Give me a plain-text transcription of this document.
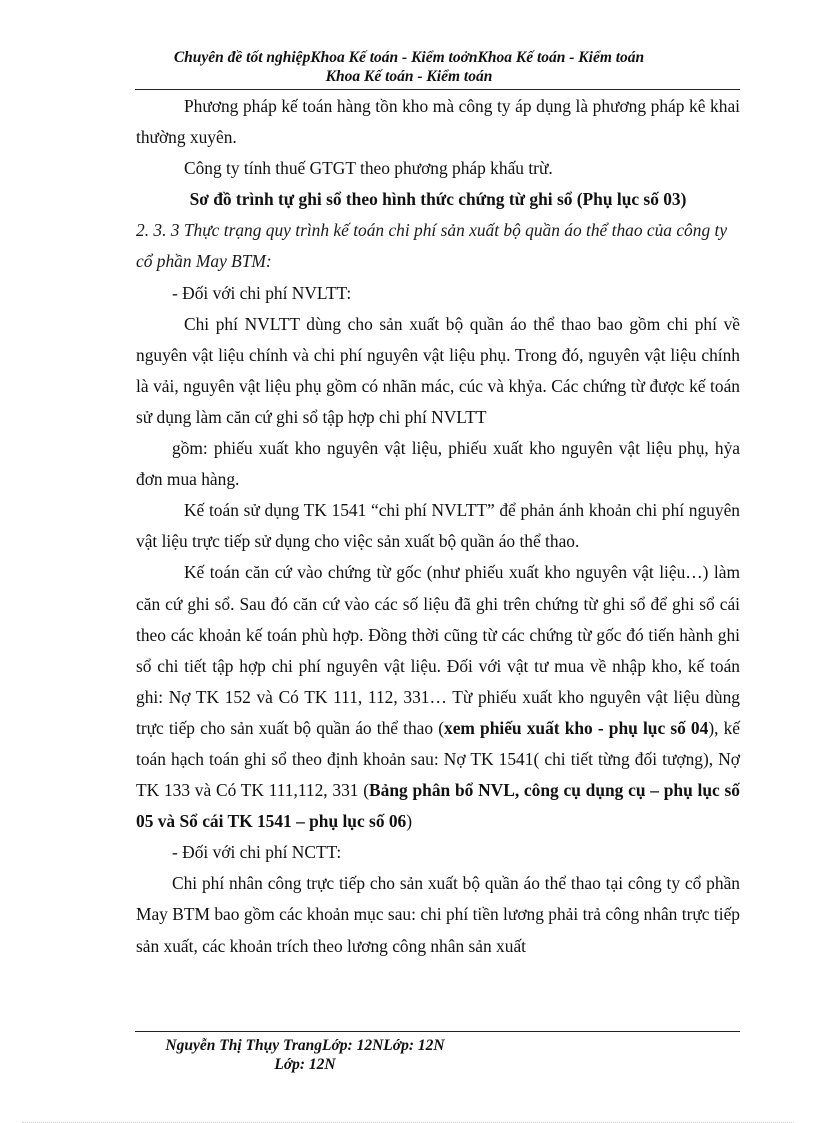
Chuyên đề tốt nghiệpKhoa Kế toán - Kiểm toởnKhoa Kế toán - Kiểm toán
Khoa Kế toán - Kiểm toán

Phương pháp kế toán hàng tồn kho mà công ty áp dụng là phương pháp kê khai thường xuyên.

Công ty tính thuế GTGT theo phương pháp khấu trừ.

Sơ đồ trình tự ghi sổ theo hình thức chứng từ ghi sổ (Phụ lục số 03)

2. 3. 3 Thực trạng quy trình kế toán chi phí sản xuất bộ quần áo thể thao của công ty cổ phần May BTM:

- Đối với chi phí NVLTT:

Chi phí NVLTT dùng cho sản xuất bộ quần áo thể thao bao gồm chi phí về nguyên vật liệu chính và chi phí nguyên vật liệu phụ. Trong đó, nguyên vật liệu chính là vải, nguyên vật liệu phụ gồm có nhãn mác, cúc và khỷa. Các chứng từ được kế toán sử dụng làm căn cứ ghi sổ tập hợp chi phí NVLTT

gồm: phiếu xuất kho nguyên vật liệu, phiếu xuất kho nguyên vật liệu phụ, hỷa đơn mua hàng.

Kế toán sử dụng TK 1541 “chi phí NVLTT” để phản ánh khoản chi phí nguyên vật liệu trực tiếp sử dụng cho việc sản xuất bộ quần áo thể thao.

Kế toán căn cứ vào chứng từ gốc (như phiếu xuất kho nguyên vật liệu…) làm căn cứ ghi sổ. Sau đó căn cứ vào các số liệu đã ghi trên chứng từ ghi sổ để ghi sổ cái theo các khoản kế toán phù hợp. Đồng thời cũng từ các chứng từ gốc đó tiến hành ghi sổ chi tiết tập hợp chi phí nguyên vật liệu. Đối với vật tư mua về nhập kho, kế toán ghi: Nợ TK 152 và Có TK 111, 112, 331… Từ phiếu xuất kho nguyên vật liệu dùng trực tiếp cho sản xuất bộ quần áo thể thao (xem phiếu xuất kho - phụ lục số 04), kế toán hạch toán ghi sổ theo định khoản sau: Nợ TK 1541( chi tiết từng đối tượng), Nợ TK 133 và Có TK 111,112, 331 (Bảng phân bổ NVL, công cụ dụng cụ – phụ lục số 05 và Sổ cái TK 1541 – phụ lục số 06)

- Đối với chi phí NCTT:

Chi phí nhân công trực tiếp cho sản xuất bộ quần áo thể thao tại công ty cổ phần May BTM bao gồm các khoản mục sau: chi phí tiền lương phải trả công nhân trực tiếp sản xuất, các khoản trích theo lương công nhân sản xuất

Nguyễn Thị Thụy TrangLớp: 12NLớp: 12N

Lớp: 12N
